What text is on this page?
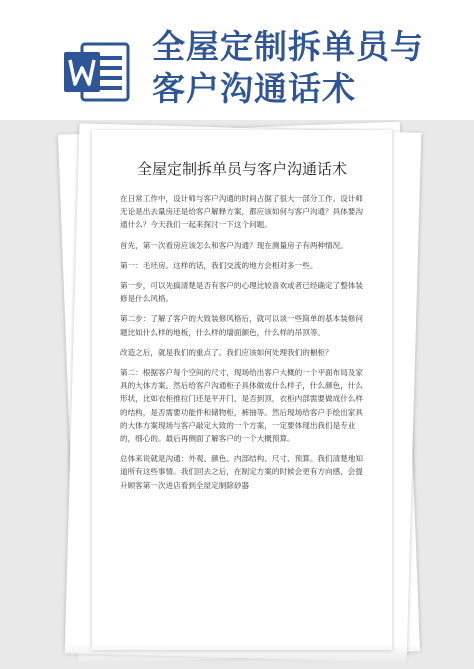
全屋定制拆单员与
客户沟通话术
全屋定制拆单员与客户沟通话术

在日常工作中，设计师与客户沟通的时间占据了很大一部分工作。设计师无论是出去量房还是给客户解释方案，都应该如何与客户沟通？具体要沟通什么？今天我们一起来探讨一下这个问题。

首先，第一次看房应该怎么和客户沟通？现在测量房子有两种情况。

第一：毛坯房。这样的话，我们交流的地方会相对多一些。

第一步，可以先搞清楚是否有客户的心理比较喜欢或者已经确定了整体装修是什么风格。

第二步：了解了客户的大致装修风格后，就可以谈一些简单的基本装修问题比如什么样的地板，什么样的墙面颜色，什么样的吊顶等。

改造之后，就是我们的重点了。我们应该如何处理我们的橱柜？

第二：根据客户每个空间的尺寸，现场给出客户大概的一个平面布局及家具的大体方案。然后给客户沟通柜子具体做成什么样子，什么颜色，什么形状，比如衣柜推拉门还是平开门，是否到顶，衣柜内部需要做成什么样的结构，是否需要功能件和储物柜，裤抽等。然后现场给客户手绘出家具的大体方案现场与客户敲定大致的一个方案，一定要体现出我们是专业的，细心的。最后再侧面了解客户的一个大概预算。

总体来说就是沟通：外观、颜色、内部结构、尺寸、预算。我们清楚地知道所有这些事情。我们回去之后，在制定方案的时候会更有方向感，会提升顾客第一次进店看到全屋定制除砂器
